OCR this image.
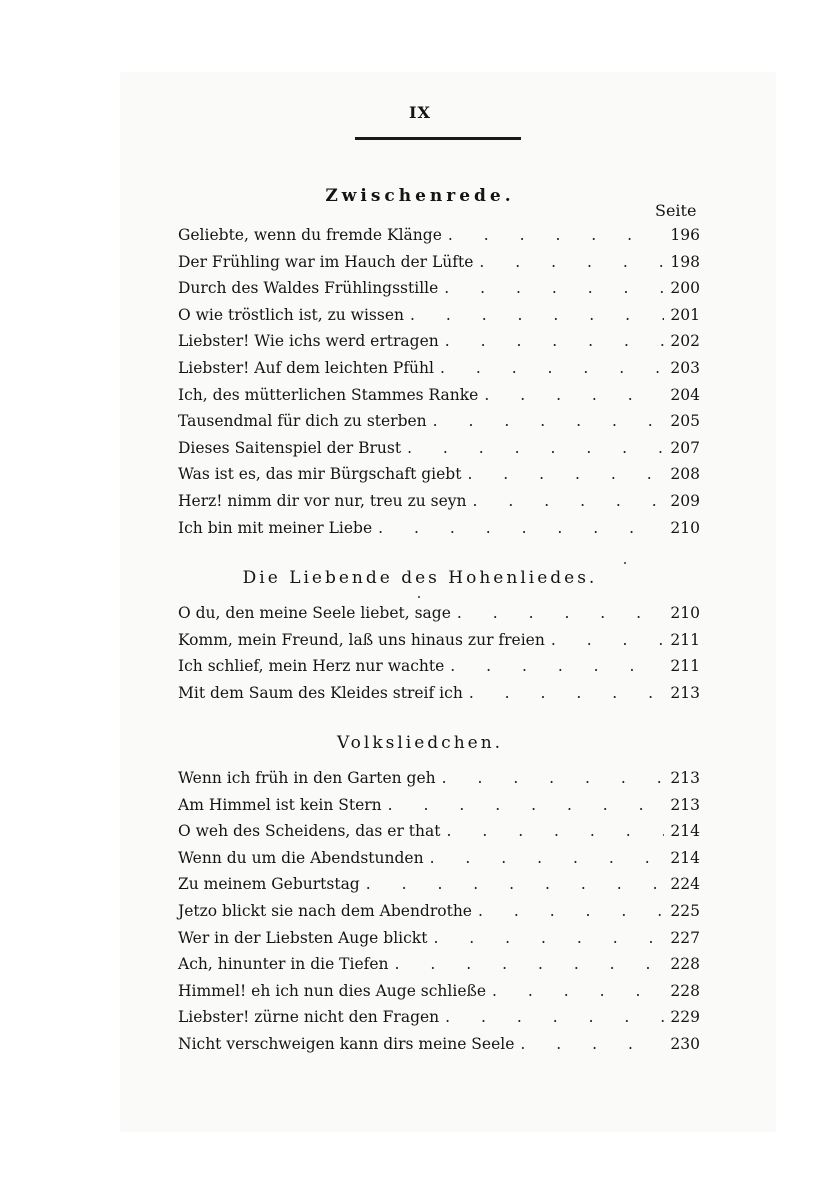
IX
Zwischenrede.
Seite
Geliebte, wenn du fremde Klänge . . .	196
Der Frühling war im Hauch der Lüfte . . .	198
Durch des Waldes Frühlingsstille . . .	200
O wie tröstlich ist, zu wissen . . .	201
Liebster! Wie ichs werd ertragen . . .	202
Liebster! Auf dem leichten Pfühl . . .	203
Ich, des mütterlichen Stammes Ranke . . .	204
Tausendmal für dich zu sterben . . .	205
Dieses Saitenspiel der Brust . . .	207
Was ist es, das mir Bürgschaft giebt . . .	208
Herz! nimm dir vor nur, treu zu seyn . . .	209
Ich bin mit meiner Liebe . . .	210
Die Liebende des Hohenliedes.
O du, den meine Seele liebet, sage . . .	210
Komm, mein Freund, laß uns hinaus zur freien . . .	211
Ich schlief, mein Herz nur wachte . . .	211
Mit dem Saum des Kleides streif ich . . .	213
Volksliedchen.
Wenn ich früh in den Garten geh . . .	213
Am Himmel ist kein Stern . . .	213
O weh des Scheidens, das er that . . .	214
Wenn du um die Abendstunden . . .	214
Zu meinem Geburtstag . . .	224
Jetzo blickt sie nach dem Abendrothe . . .	225
Wer in der Liebsten Auge blickt . . .	227
Ach, hinunter in die Tiefen . . .	228
Himmel! eh ich nun dies Auge schließe . . .	228
Liebster! zürne nicht den Fragen . . .	229
Nicht verschweigen kann dirs meine Seele . . .	230
